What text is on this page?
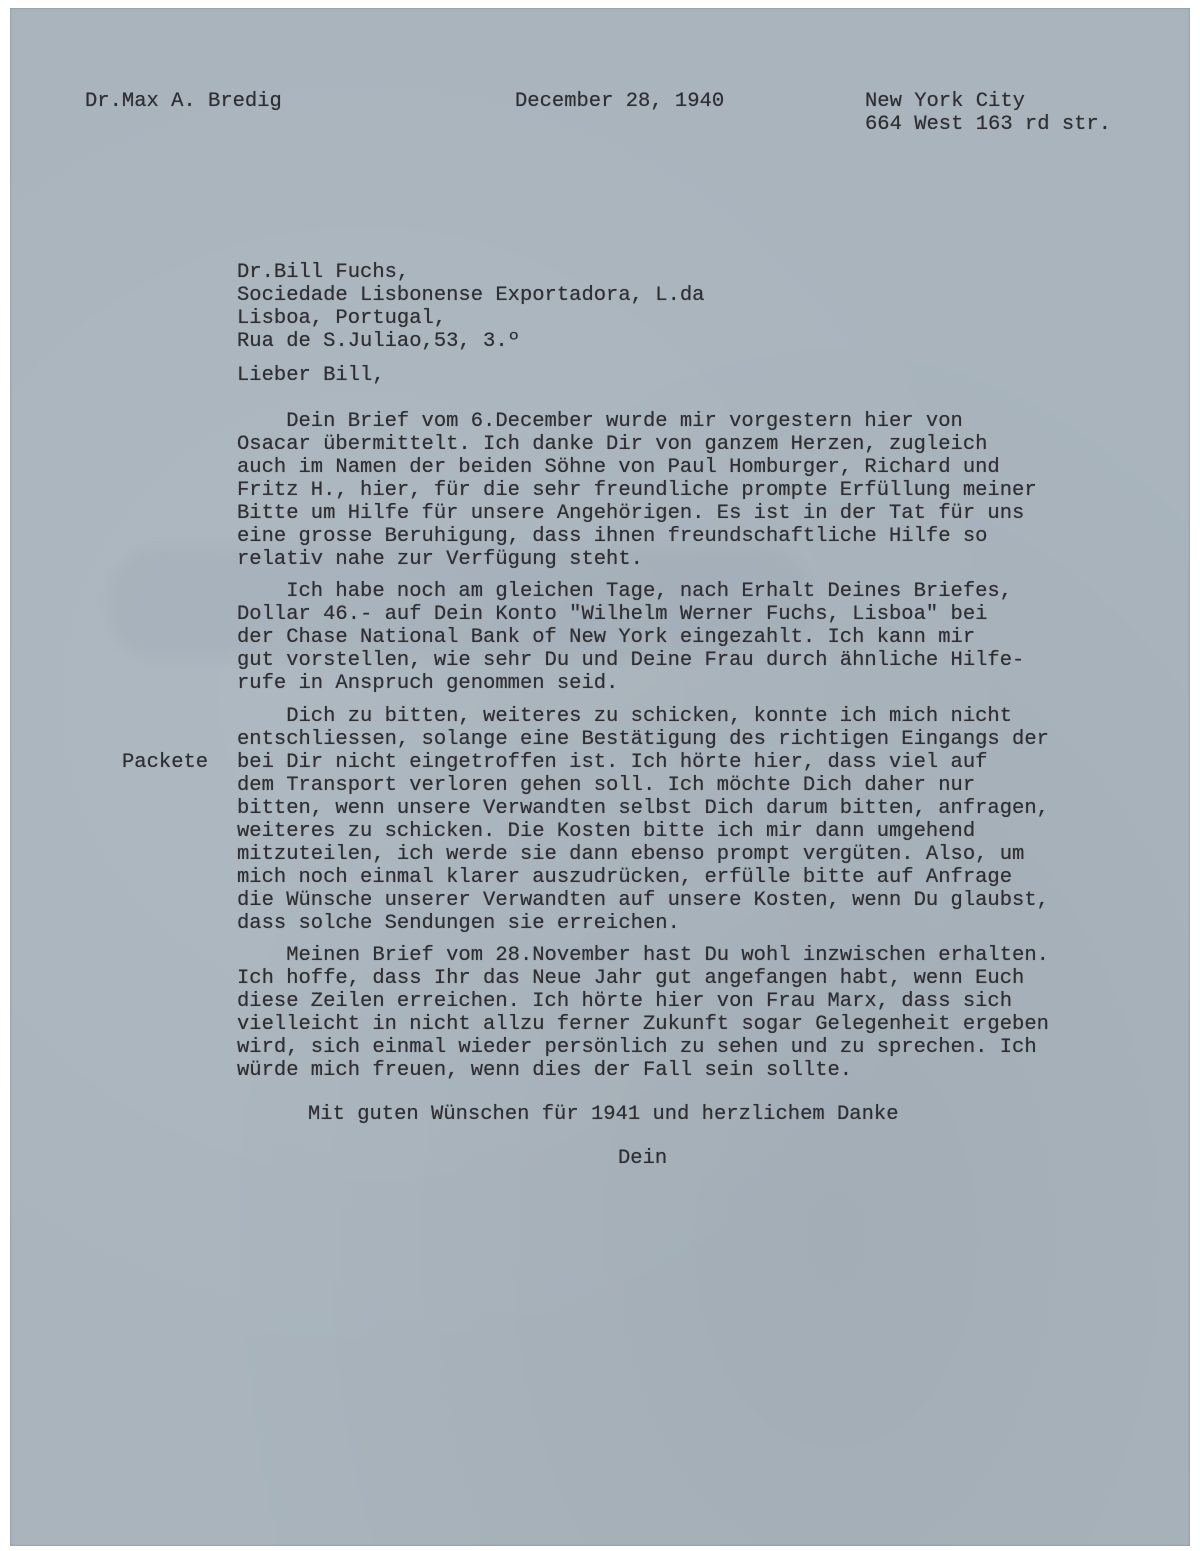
Dr.Max A. Bredig	December 28, 1940	New York City
664 West 163 rd str.
Dr.Bill Fuchs,
Sociedade Lisbonense Exportadora, L.da
Lisboa, Portugal,
Rua de S.Juliao,53, 3.º
Lieber Bill,
Dein Brief vom 6.December wurde mir vorgestern hier von
Osacar übermittelt. Ich danke Dir von ganzem Herzen, zugleich
auch im Namen der beiden Söhne von Paul Homburger, Richard und
Fritz H., hier, für die sehr freundliche prompte Erfüllung meiner
Bitte um Hilfe für unsere Angehörigen. Es ist in der Tat für uns
eine grosse Beruhigung, dass ihnen freundschaftliche Hilfe so
relativ nahe zur Verfügung steht.
Ich habe noch am gleichen Tage, nach Erhalt Deines Briefes,
Dollar 46.- auf Dein Konto "Wilhelm Werner Fuchs, Lisboa" bei
der Chase National Bank of New York eingezahlt. Ich kann mir
gut vorstellen, wie sehr Du und Deine Frau durch ähnliche Hilfe-
rufe in Anspruch genommen seid.
Packete
Dich zu bitten, weiteres zu schicken, konnte ich mich nicht
entschliessen, solange eine Bestätigung des richtigen Eingangs der
bei Dir nicht eingetroffen ist. Ich hörte hier, dass viel auf
dem Transport verloren gehen soll. Ich möchte Dich daher nur
bitten, wenn unsere Verwandten selbst Dich darum bitten, anfragen,
weiteres zu schicken. Die Kosten bitte ich mir dann umgehend
mitzuteilen, ich werde sie dann ebenso prompt vergüten. Also, um
mich noch einmal klarer auszudrücken, erfülle bitte auf Anfrage
die Wünsche unserer Verwandten auf unsere Kosten, wenn Du glaubst,
dass solche Sendungen sie erreichen.
Meinen Brief vom 28.November hast Du wohl inzwischen erhalten.
Ich hoffe, dass Ihr das Neue Jahr gut angefangen habt, wenn Euch
diese Zeilen erreichen. Ich hörte hier von Frau Marx, dass sich
vielleicht in nicht allzu ferner Zukunft sogar Gelegenheit ergeben
wird, sich einmal wieder persönlich zu sehen und zu sprechen. Ich
würde mich freuen, wenn dies der Fall sein sollte.
Mit guten Wünschen für 1941 und herzlichem Danke
Dein
